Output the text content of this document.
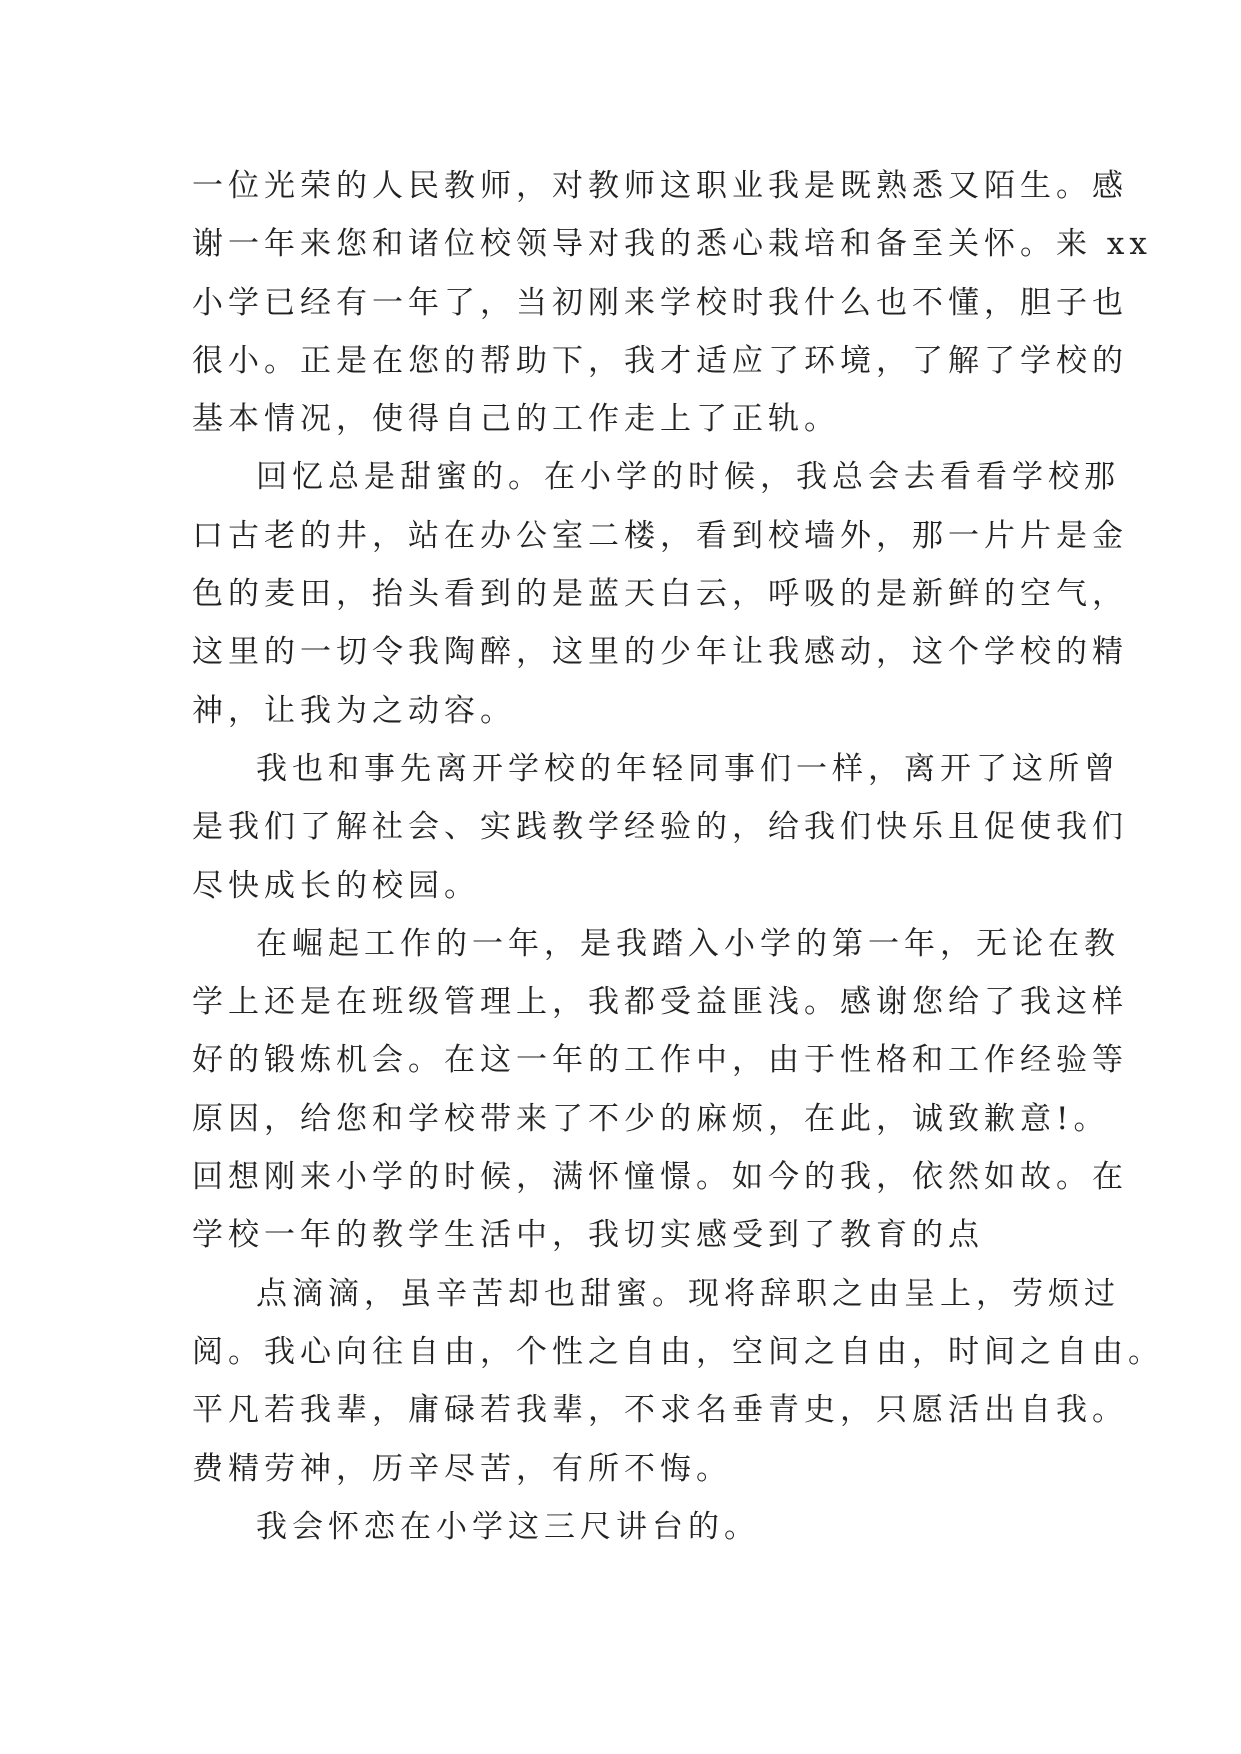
一位光荣的人民教师，对教师这职业我是既熟悉又陌生。感
谢一年来您和诸位校领导对我的悉心栽培和备至关怀。来 xx
小学已经有一年了，当初刚来学校时我什么也不懂，胆子也
很小。正是在您的帮助下，我才适应了环境，了解了学校的
基本情况，使得自己的工作走上了正轨。
回忆总是甜蜜的。在小学的时候，我总会去看看学校那
口古老的井，站在办公室二楼，看到校墙外，那一片片是金
色的麦田，抬头看到的是蓝天白云，呼吸的是新鲜的空气，
这里的一切令我陶醉，这里的少年让我感动，这个学校的精
神，让我为之动容。
我也和事先离开学校的年轻同事们一样，离开了这所曾
是我们了解社会、实践教学经验的，给我们快乐且促使我们
尽快成长的校园。
在崛起工作的一年，是我踏入小学的第一年，无论在教
学上还是在班级管理上，我都受益匪浅。感谢您给了我这样
好的锻炼机会。在这一年的工作中，由于性格和工作经验等
原因，给您和学校带来了不少的麻烦，在此，诚致歉意!。
回想刚来小学的时候，满怀憧憬。如今的我，依然如故。在
学校一年的教学生活中，我切实感受到了教育的点
点滴滴，虽辛苦却也甜蜜。现将辞职之由呈上，劳烦过
阅。我心向往自由，个性之自由，空间之自由，时间之自由。
平凡若我辈，庸碌若我辈，不求名垂青史，只愿活出自我。
费精劳神，历辛尽苦，有所不悔。
我会怀恋在小学这三尺讲台的。
